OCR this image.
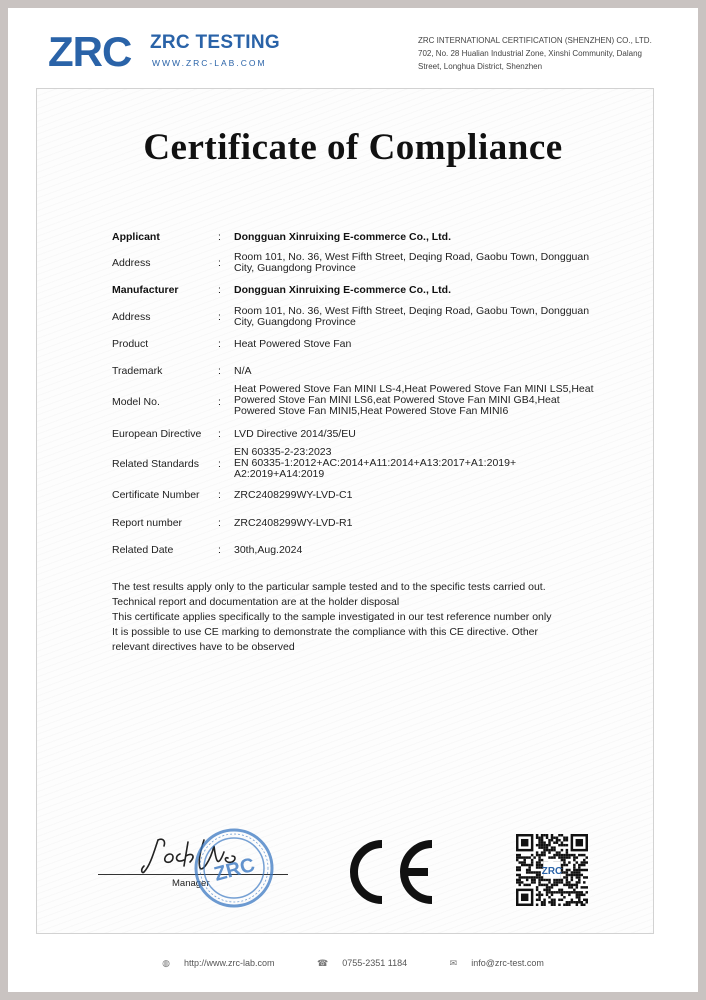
ZRC ZRC TESTING
WWW.ZRC-LAB.COM
ZRC INTERNATIONAL CERTIFICATION (SHENZHEN) CO., LTD.
702, No. 28 Hualian Industrial Zone, Xinshi Community, Dalang
Street, Longhua District, Shenzhen
Certificate of Compliance
Applicant	: Dongguan Xinruixing E-commerce Co., Ltd.
Address	: Room 101, No. 36, West Fifth Street, Deqing Road, Gaobu Town, Dongguan
City, Guangdong Province
Manufacturer	: Dongguan Xinruixing E-commerce Co., Ltd.
Address	: Room 101, No. 36, West Fifth Street, Deqing Road, Gaobu Town, Dongguan
City, Guangdong Province
Product	: Heat Powered Stove Fan
Trademark	: N/A
Model No.	:
Heat Powered Stove Fan MINI LS-4,Heat Powered Stove Fan MINI LS5,Heat
Powered Stove Fan MINI LS6,eat Powered Stove Fan MINI GB4,Heat
Powered Stove Fan MINI5,Heat Powered Stove Fan MINI6
European Directive	: LVD Directive 2014/35/EU
Related Standards	:
EN 60335-2-23:2023
EN 60335-1:2012+AC:2014+A11:2014+A13:2017+A1:2019+
A2:2019+A14:2019
Certificate Number	: ZRC2408299WY-LVD-C1
Report number	: ZRC2408299WY-LVD-R1
Related Date	: 30th,Aug.2024
The test results apply only to the particular sample tested and to the specific tests carried out.
Technical report and documentation are at the holder disposal
This certificate applies specifically to the sample investigated in our test reference number only
It is possible to use CE marking to demonstrate the compliance with this CE directive. Other
relevant directives have to be observed
Manager ZRC	ZRC
◍ http://www.zrc-lab.com	☎ 0755-2351 1184	✉ info@zrc-test.com
